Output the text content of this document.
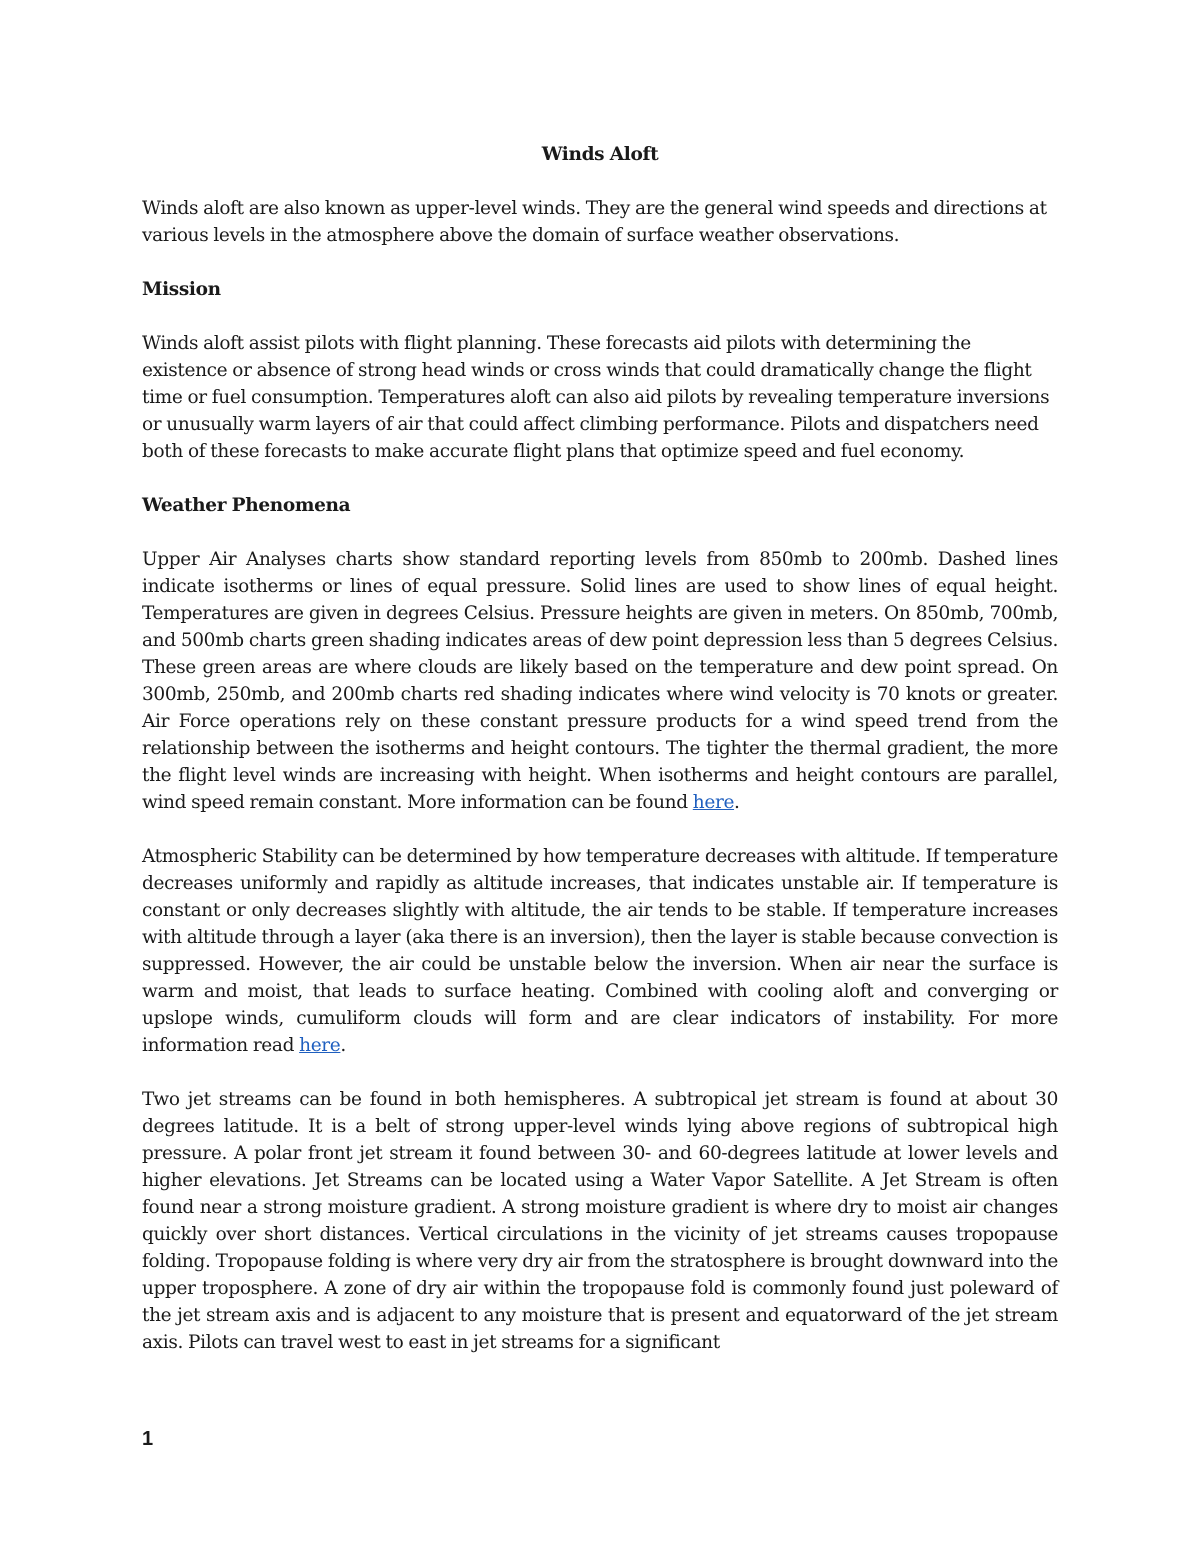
Winds Aloft

Winds aloft are also known as upper-level winds. They are the general wind speeds and directions at various levels in the atmosphere above the domain of surface weather observations.

Mission

Winds aloft assist pilots with flight planning. These forecasts aid pilots with determining the existence or absence of strong head winds or cross winds that could dramatically change the flight time or fuel consumption. Temperatures aloft can also aid pilots by revealing temperature inversions or unusually warm layers of air that could affect climbing performance. Pilots and dispatchers need both of these forecasts to make accurate flight plans that optimize speed and fuel economy.

Weather Phenomena

Upper Air Analyses charts show standard reporting levels from 850mb to 200mb. Dashed lines indicate isotherms or lines of equal pressure. Solid lines are used to show lines of equal height. Temperatures are given in degrees Celsius. Pressure heights are given in meters. On 850mb, 700mb, and 500mb charts green shading indicates areas of dew point depression less than 5 degrees Celsius. These green areas are where clouds are likely based on the temperature and dew point spread. On 300mb, 250mb, and 200mb charts red shading indicates where wind velocity is 70 knots or greater. Air Force operations rely on these constant pressure products for a wind speed trend from the relationship between the isotherms and height contours. The tighter the thermal gradient, the more the flight level winds are increasing with height. When isotherms and height contours are parallel, wind speed remain constant. More information can be found here.

Atmospheric Stability can be determined by how temperature decreases with altitude. If temperature decreases uniformly and rapidly as altitude increases, that indicates unstable air. If temperature is constant or only decreases slightly with altitude, the air tends to be stable. If temperature increases with altitude through a layer (aka there is an inversion), then the layer is stable because convection is suppressed. However, the air could be unstable below the inversion. When air near the surface is warm and moist, that leads to surface heating. Combined with cooling aloft and converging or upslope winds, cumuliform clouds will form and are clear indicators of instability. For more information read here.

Two jet streams can be found in both hemispheres. A subtropical jet stream is found at about 30 degrees latitude. It is a belt of strong upper-level winds lying above regions of subtropical high pressure. A polar front jet stream it found between 30- and 60-degrees latitude at lower levels and higher elevations. Jet Streams can be located using a Water Vapor Satellite. A Jet Stream is often found near a strong moisture gradient. A strong moisture gradient is where dry to moist air changes quickly over short distances. Vertical circulations in the vicinity of jet streams causes tropopause folding. Tropopause folding is where very dry air from the stratosphere is brought downward into the upper troposphere. A zone of dry air within the tropopause fold is commonly found just poleward of the jet stream axis and is adjacent to any moisture that is present and equatorward of the jet stream axis. Pilots can travel west to east in jet streams for a significant

1
